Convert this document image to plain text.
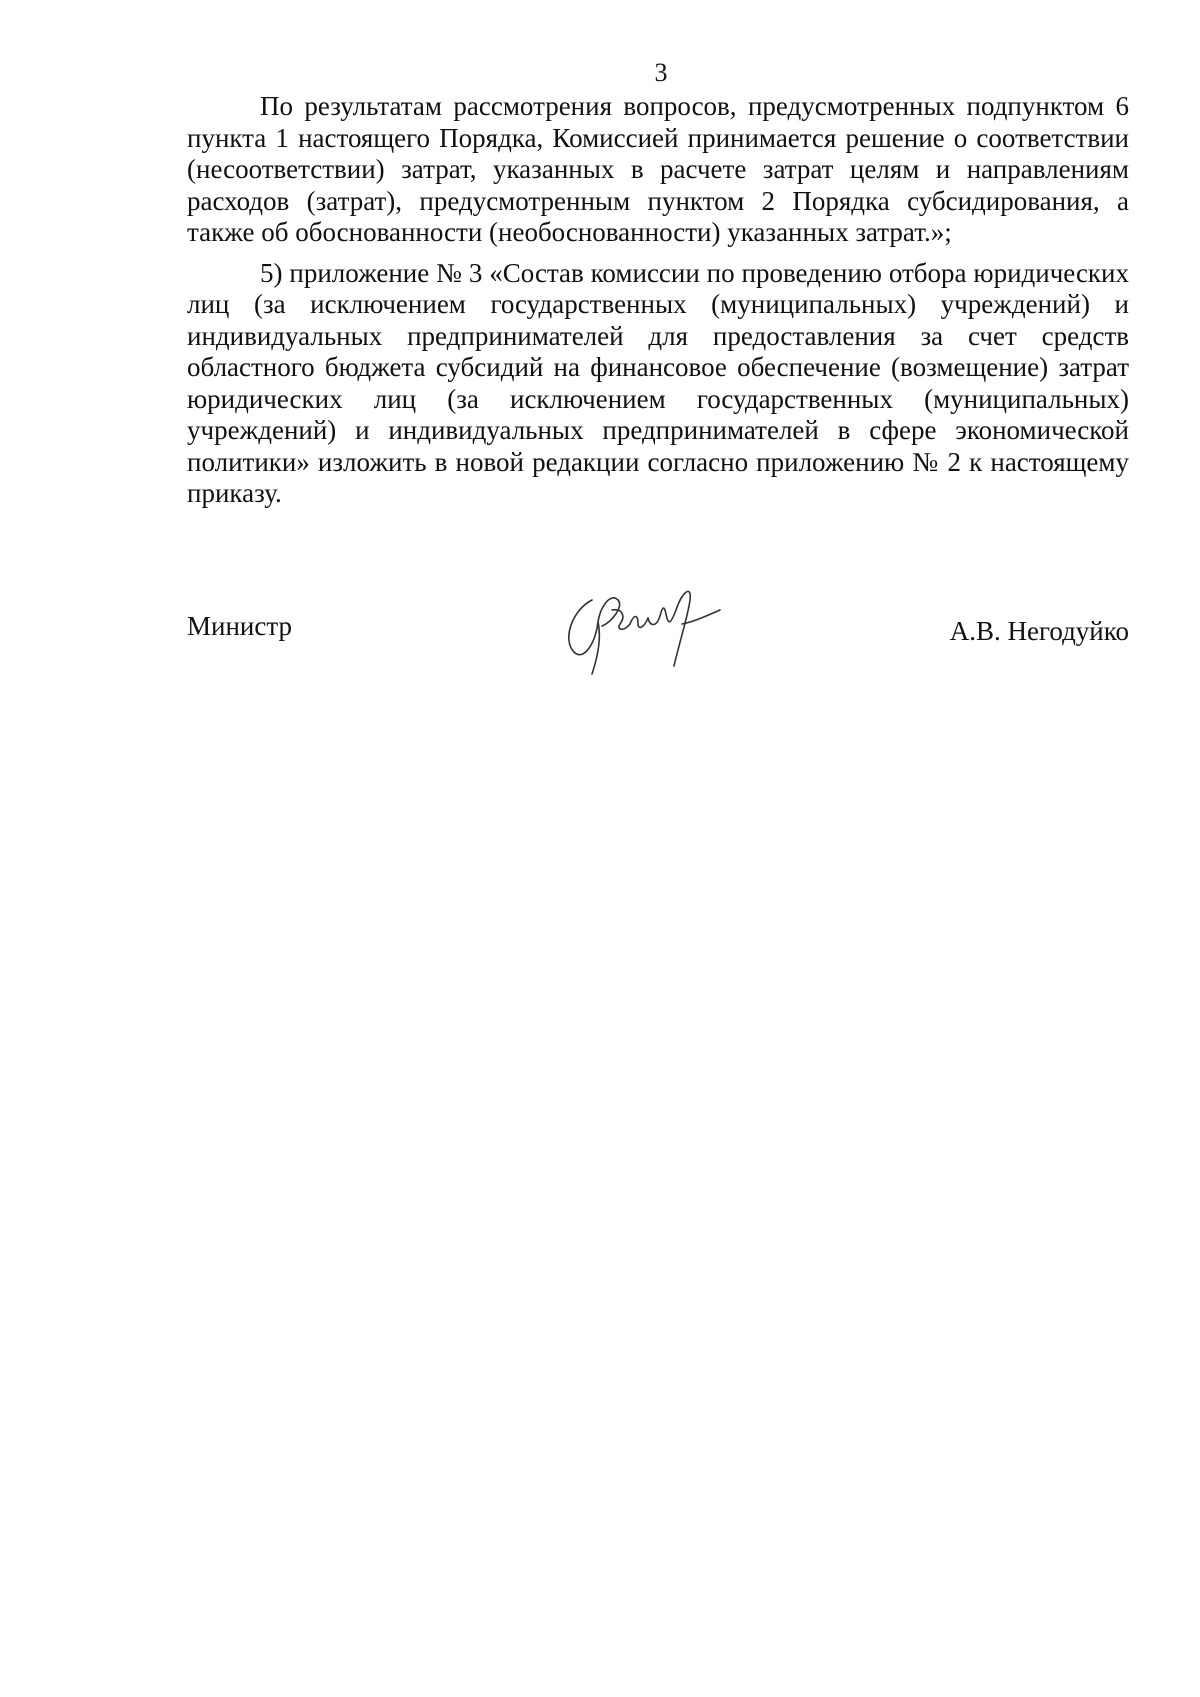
3

По результатам рассмотрения вопросов, предусмотренных подпунктом 6 пункта 1 настоящего Порядка, Комиссией принимается решение о соответствии (несоответствии) затрат, указанных в расчете затрат целям и направлениям расходов (затрат), предусмотренным пунктом 2 Порядка субсидирования, а также об обоснованности (необоснованности) указанных затрат.»;

5) приложение № 3 «Состав комиссии по проведению отбора юридических лиц (за исключением государственных (муниципальных) учреждений) и индивидуальных предпринимателей для предоставления за счет средств областного бюджета субсидий на финансовое обеспечение (возмещение) затрат юридических лиц (за исключением государственных (муниципальных) учреждений) и индивидуальных предпринимателей в сфере экономической политики» изложить в новой редакции согласно приложению № 2 к настоящему приказу.

Министр	А.В. Негодуйко
